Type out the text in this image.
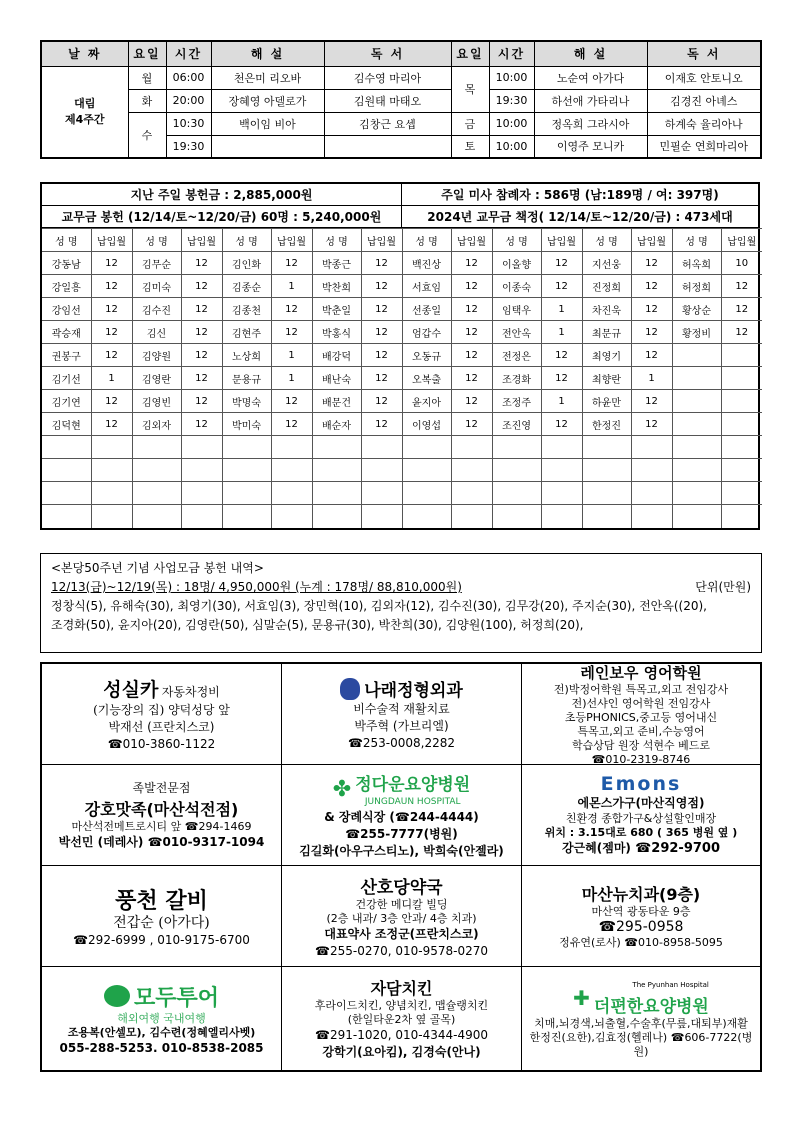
날 짜	요일	시간	해 설	독 서	요일	시간	해 설	독 서
대림
제4주간	월	06:00	천은미 리오바	김수영 마리아	목	10:00	노순여 아가다	이재호 안토니오
	화	20:00	장혜영 아델로가	김원태 마태오		19:30	하선애 가타리나	김경진 아녜스
	수	10:30	백이임 비아	김창근 요셉	금	10:00	정옥희 그라시아	하계숙 율리아나
		19:30			토	10:00	이영주 모니카	민필순 연희마리아
지난 주일 봉헌금 : 2,885,000원	주일 미사 참례자 : 586명 (남:189명 / 여: 397명)
교무금 봉헌 (12/14/토~12/20/금) 60명 : 5,240,000원	2024년 교무금 책정( 12/14/토~12/20/금) : 473세대
성 명	납입월	성 명	납입월	성 명	납입월	성 명	납입월	성 명	납입월	성 명	납입월	성 명	납입월	성 명	납입월
강동남	12	김무순	12	김인화	12	박종근	12	백진상	12	이올향	12	지선웅	12	허옥희	10
강일흥	12	김미숙	12	김종순	1	박찬희	12	서효임	12	이종숙	12	진정희	12	허정희	12
강임선	12	김수진	12	김종천	12	박춘일	12	선종일	12	임택우	1	차진욱	12	황상순	12
곽승재	12	김신	12	김현주	12	박홍식	12	엄갑수	12	전안옥	1	최문규	12	황정비	12
권봉구	12	김양원	12	노상희	1	배강덕	12	오동규	12	전정은	12	최영기	12		
김기선	1	김영란	12	문용규	1	배난숙	12	오복출	12	조경화	12	최향란	1		
김기연	12	김영빈	12	박명숙	12	배문건	12	윤지아	12	조정주	1	하윤만	12		
김덕현	12	김외자	12	박미숙	12	배순자	12	이영섭	12	조진영	12	한정진	12		

<본당50주년 기념 사업모금 봉헌 내역>
12/13(금)~12/19(목) : 18명/ 4,950,000원 (누계 : 178명/ 88,810,000원)	단위(만원)
정창식(5), 유해숙(30), 최영기(30), 서효임(3), 장민혁(10), 김외자(12), 김수진(30), 김무강(20), 주지순(30), 전안옥((20),
조경화(50), 윤지아(20), 김영란(50), 심말순(5), 문용규(30), 박찬희(30), 김양원(100), 허정희(20),
성실카 자동차정비
(기능장의 집) 양덕성당 앞
박재선 (프란치스코)
☎ 010-3860-1122
나래정형외과
비수술적 재활치료
박주혁 (가브리엘)
☎ 253-0008,2282
레인보우 영어학원
전)박정어학원 특목고,외고 전임강사
전)선샤인 영어학원 전임강사
초등PHONICS,중고등 영어내신
특목고,외고 준비,수능영어
학습상담 원장 석현수 베드로
☎ 010-2319-8746
족발전문점
강호맛족(마산석전점)
마산석전메트로시티 앞 ☎ 294-1469
박선민 (데레사) ☎ 010-9317-1094
✤ 정다운요양병원
JUNGDAUN HOSPITAL
& 장례식장 (☎244-4444)
☎255-7777(병원)
김길화(아우구스티노), 박희숙(안젤라)
Emons
에몬스가구(마산직영점)
친환경 종합가구&상설할인매장
위치 : 3.15대로 680 ( 365 병원 옆 )
강근혜(젬마) ☎ 292-9700
풍천 갈비
전갑순 (아가다)
☎ 292-6999 , 010-9175-6700
산호당약국
건강한 메디칼 빌딩
(2층 내과/ 3층 안과/ 4층 치과)
대표약사 조정군(프란치스코)
☎ 255-0270, 010-9578-0270
마산뉴치과(9층)
마산역 광동타운 9층
☎ 295-0958
정유연(로사) ☎ 010-8958-5095
모두투어
해외여행 국내여행
조용복(안셀모), 김수련(정혜엘리사벳)
055-288-5253. 010-8538-2085
자담치킨
후라이드치킨, 양념치킨, 맵슐랭치킨
(한일타운2차 옆 골목)
☎ 291-1020, 010-4344-4900
강학기(요아킴), 김경숙(안나)
✚
The Pyunhan Hospital
더편한요양병원
치매,뇌경색,뇌출혈,수술후(무릎,대퇴부)재활
한정진(요한),김효정(헬레나) ☎ 606-7722(병원)
